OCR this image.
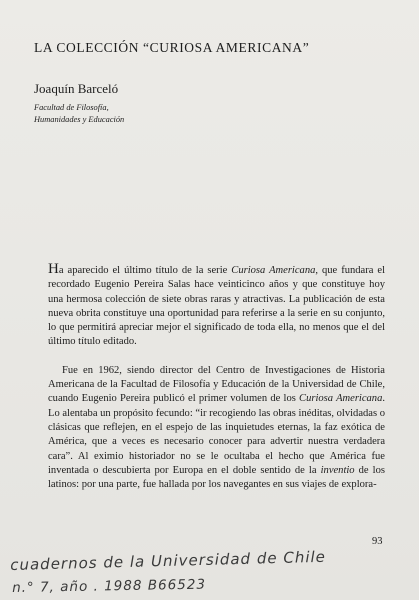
LA COLECCIÓN “CURIOSA AMERICANA”
Joaquín Barceló
Facultad de Filosofía,
Humanidades y Educación

Ha aparecido el último título de la serie Curiosa Americana, que fundara el recordado Eugenio Pereira Salas hace veinticinco años y que constituye hoy una hermosa colección de siete obras raras y atractivas. La publicación de esta nueva obrita constituye una oportunidad para referirse a la serie en su conjunto, lo que permitirá apreciar mejor el significado de toda ella, no menos que el del último título editado.

Fue en 1962, siendo director del Centro de Investigaciones de Historia Americana de la Facultad de Filosofía y Educación de la Universidad de Chile, cuando Eugenio Pereira publicó el primer volumen de los Curiosa Americana. Lo alentaba un propósito fecundo: “ir recogiendo las obras inéditas, olvidadas o clásicas que reflejen, en el espejo de las inquietudes eternas, la faz exótica de América, que a veces es necesario conocer para advertir nuestra verdadera cara”. Al eximio historiador no se le ocultaba el hecho que América fue inventada o descubierta por Europa en el doble sentido de la inventio de los latinos: por una parte, fue hallada por los navegantes en sus viajes de explora-

93
cuadernos de la Universidad de Chile
n.° 7, año . 1988 B66523
